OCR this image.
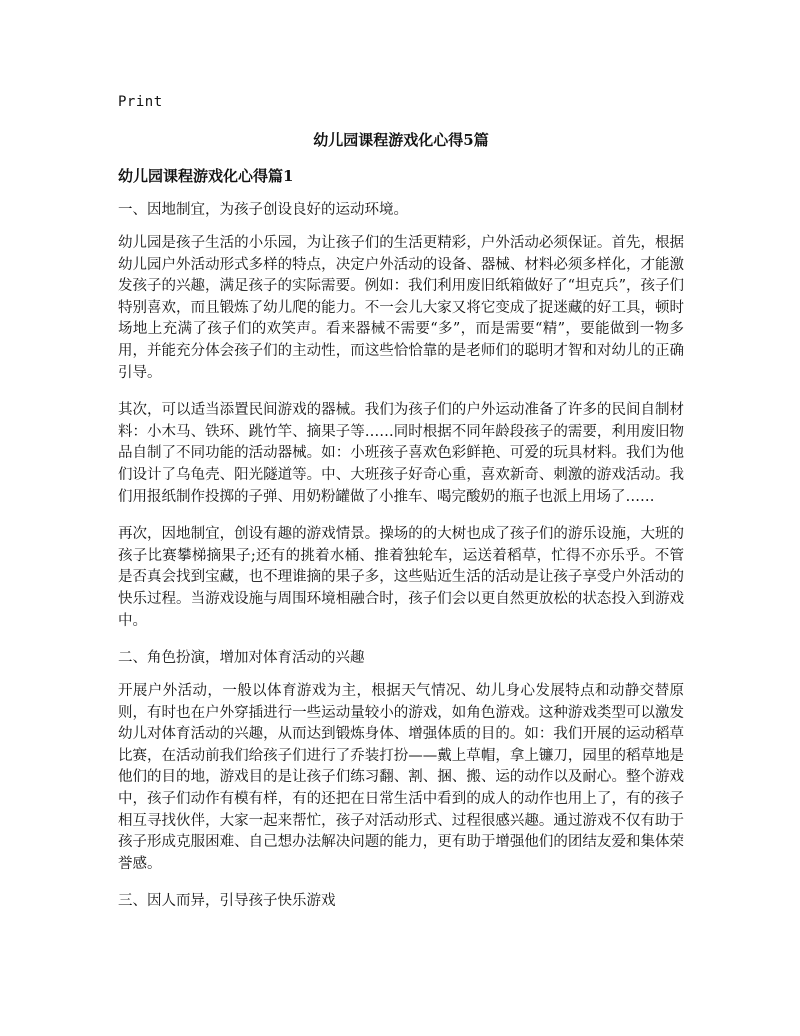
Print
幼儿园课程游戏化心得5篇
幼儿园课程游戏化心得篇1
一、因地制宜，为孩子创设良好的运动环境。

幼儿园是孩子生活的小乐园，为让孩子们的生活更精彩，户外活动必须保证。首先，根据幼儿园户外活动形式多样的特点，决定户外活动的设备、器械、材料必须多样化，才能激发孩子的兴趣，满足孩子的实际需要。例如：我们利用废旧纸箱做好了“坦克兵”，孩子们特别喜欢，而且锻炼了幼儿爬的能力。不一会儿大家又将它变成了捉迷藏的好工具，顿时场地上充满了孩子们的欢笑声。看来器械不需要“多”，而是需要“精”，要能做到一物多用，并能充分体会孩子们的主动性，而这些恰恰靠的是老师们的聪明才智和对幼儿的正确引导。

其次，可以适当添置民间游戏的器械。我们为孩子们的户外运动准备了许多的民间自制材料：小木马、铁环、跳竹竿、摘果子等……同时根据不同年龄段孩子的需要，利用废旧物品自制了不同功能的活动器械。如：小班孩子喜欢色彩鲜艳、可爱的玩具材料。我们为他们设计了乌龟壳、阳光隧道等。中、大班孩子好奇心重，喜欢新奇、刺激的游戏活动。我们用报纸制作投掷的子弹、用奶粉罐做了小推车、喝完酸奶的瓶子也派上用场了……

再次，因地制宜，创设有趣的游戏情景。操场的的大树也成了孩子们的游乐设施，大班的孩子比赛攀梯摘果子;还有的挑着水桶、推着独轮车，运送着稻草，忙得不亦乐乎。不管是否真会找到宝藏，也不理谁摘的果子多，这些贴近生活的活动是让孩子享受户外活动的快乐过程。当游戏设施与周围环境相融合时，孩子们会以更自然更放松的状态投入到游戏中。

二、角色扮演，增加对体育活动的兴趣

开展户外活动，一般以体育游戏为主，根据天气情况、幼儿身心发展特点和动静交替原则，有时也在户外穿插进行一些运动量较小的游戏，如角色游戏。这种游戏类型可以激发幼儿对体育活动的兴趣，从而达到锻炼身体、增强体质的目的。如：我们开展的运动稻草比赛，在活动前我们给孩子们进行了乔装打扮——戴上草帽，拿上镰刀，园里的稻草地是他们的目的地，游戏目的是让孩子们练习翻、割、捆、搬、运的动作以及耐心。整个游戏中，孩子们动作有模有样，有的还把在日常生活中看到的成人的动作也用上了，有的孩子相互寻找伙伴，大家一起来帮忙，孩子对活动形式、过程很感兴趣。通过游戏不仅有助于孩子形成克服困难、自己想办法解决问题的能力，更有助于增强他们的团结友爱和集体荣誉感。

三、因人而异，引导孩子快乐游戏
